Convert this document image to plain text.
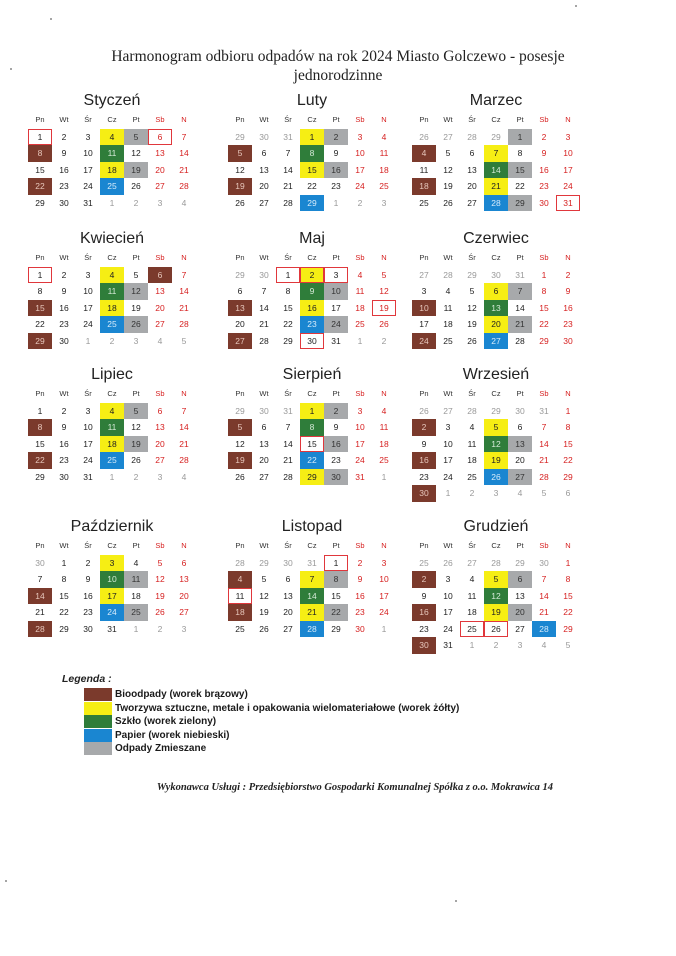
Harmonogram odbioru odpadów na rok 2024 Miasto Golczewo - posesje
jednorodzinne
Styczeń
Pn	Wt	Śr	Cz	Pt	Sb	N
1	2	3	4	5	6	7
8	9	10	11	12	13	14
15	16	17	18	19	20	21
22	23	24	25	26	27	28
29	30	31	1	2	3	4
Luty
Pn	Wt	Śr	Cz	Pt	Sb	N
29	30	31	1	2	3	4
5	6	7	8	9	10	11
12	13	14	15	16	17	18
19	20	21	22	23	24	25
26	27	28	29	1	2	3
Marzec
Pn	Wt	Śr	Cz	Pt	Sb	N
26	27	28	29	1	2	3
4	5	6	7	8	9	10
11	12	13	14	15	16	17
18	19	20	21	22	23	24
25	26	27	28	29	30	31
Kwiecień
Pn	Wt	Śr	Cz	Pt	Sb	N
1	2	3	4	5	6	7
8	9	10	11	12	13	14
15	16	17	18	19	20	21
22	23	24	25	26	27	28
29	30	1	2	3	4	5
Maj
Pn	Wt	Śr	Cz	Pt	Sb	N
29	30	1	2	3	4	5
6	7	8	9	10	11	12
13	14	15	16	17	18	19
20	21	22	23	24	25	26
27	28	29	30	31	1	2
Czerwiec
Pn	Wt	Śr	Cz	Pt	Sb	N
27	28	29	30	31	1	2
3	4	5	6	7	8	9
10	11	12	13	14	15	16
17	18	19	20	21	22	23
24	25	26	27	28	29	30
Lipiec
Pn	Wt	Śr	Cz	Pt	Sb	N
1	2	3	4	5	6	7
8	9	10	11	12	13	14
15	16	17	18	19	20	21
22	23	24	25	26	27	28
29	30	31	1	2	3	4
Sierpień
Pn	Wt	Śr	Cz	Pt	Sb	N
29	30	31	1	2	3	4
5	6	7	8	9	10	11
12	13	14	15	16	17	18
19	20	21	22	23	24	25
26	27	28	29	30	31	1
Wrzesień
Pn	Wt	Śr	Cz	Pt	Sb	N
26	27	28	29	30	31	1
2	3	4	5	6	7	8
9	10	11	12	13	14	15
16	17	18	19	20	21	22
23	24	25	26	27	28	29
30	1	2	3	4	5	6
Październik
Pn	Wt	Śr	Cz	Pt	Sb	N
30	1	2	3	4	5	6
7	8	9	10	11	12	13
14	15	16	17	18	19	20
21	22	23	24	25	26	27
28	29	30	31	1	2	3
Listopad
Pn	Wt	Śr	Cz	Pt	Sb	N
28	29	30	31	1	2	3
4	5	6	7	8	9	10
11	12	13	14	15	16	17
18	19	20	21	22	23	24
25	26	27	28	29	30	1
Grudzień
Pn	Wt	Śr	Cz	Pt	Sb	N
25	26	27	28	29	30	1
2	3	4	5	6	7	8
9	10	11	12	13	14	15
16	17	18	19	20	21	22
23	24	25	26	27	28	29
30	31	1	2	3	4	5
Legenda :
Bioodpady (worek brązowy)
Tworzywa sztuczne, metale i opakowania wielomateriałowe (worek żółty)
Szkło (worek zielony)
Papier (worek niebieski)
Odpady Zmieszane
Wykonawca Usługi : Przedsiębiorstwo Gospodarki Komunalnej Spółka z o.o. Mokrawica 14
